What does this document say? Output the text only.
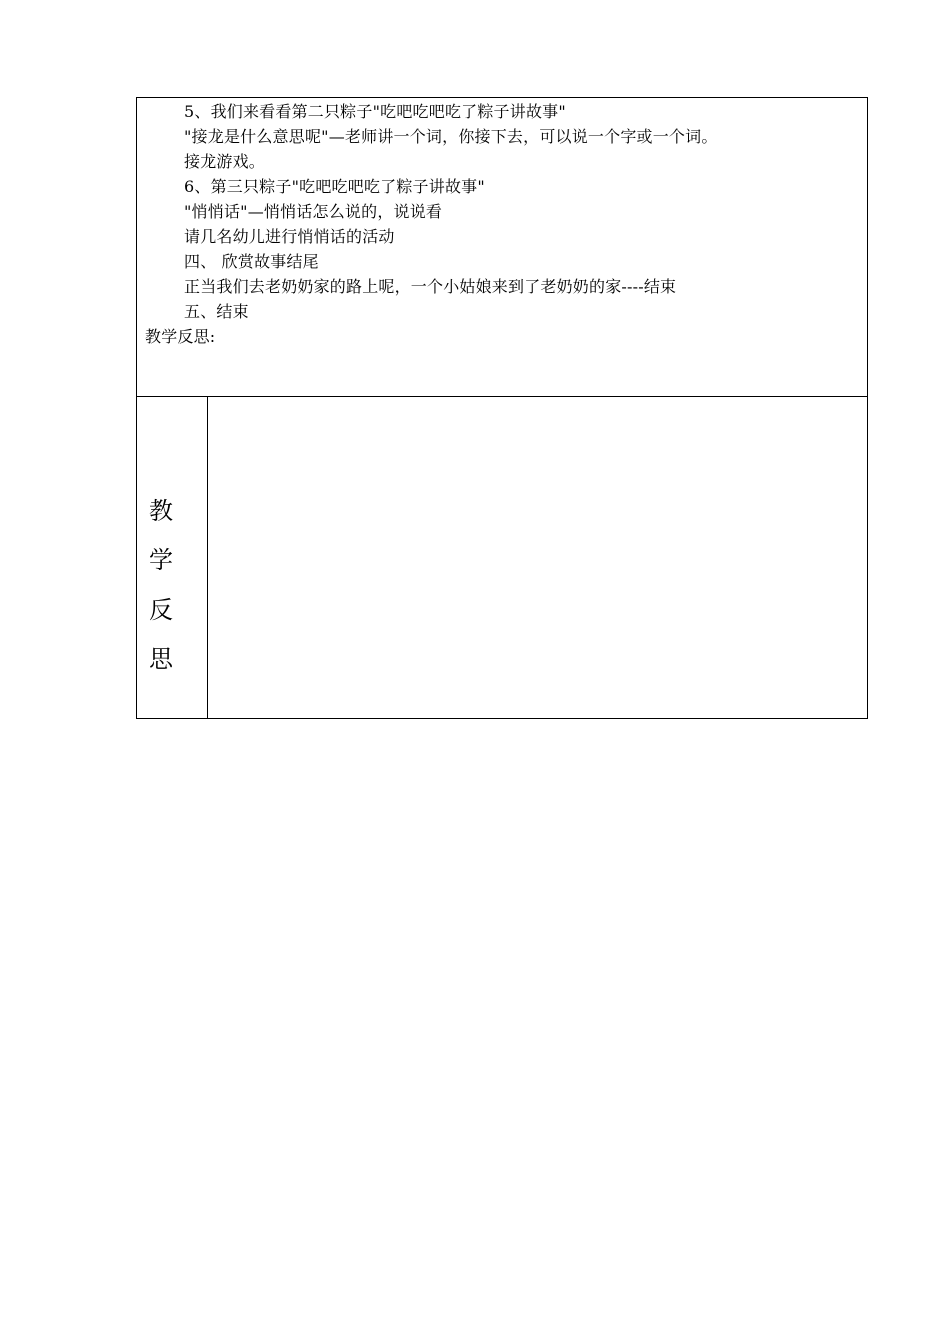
5、我们来看看第二只粽子"吃吧吃吧吃了粽子讲故事"
"接龙是什么意思呢"—老师讲一个词，你接下去，可以说一个字或一个词。
接龙游戏。
6、第三只粽子"吃吧吃吧吃了粽子讲故事"
"悄悄话"—悄悄话怎么说的，说说看
请几名幼儿进行悄悄话的活动
四、 欣赏故事结尾
正当我们去老奶奶家的路上呢，一个小姑娘来到了老奶奶的家----结束
五、结束
教学反思:
教
学
反
思
